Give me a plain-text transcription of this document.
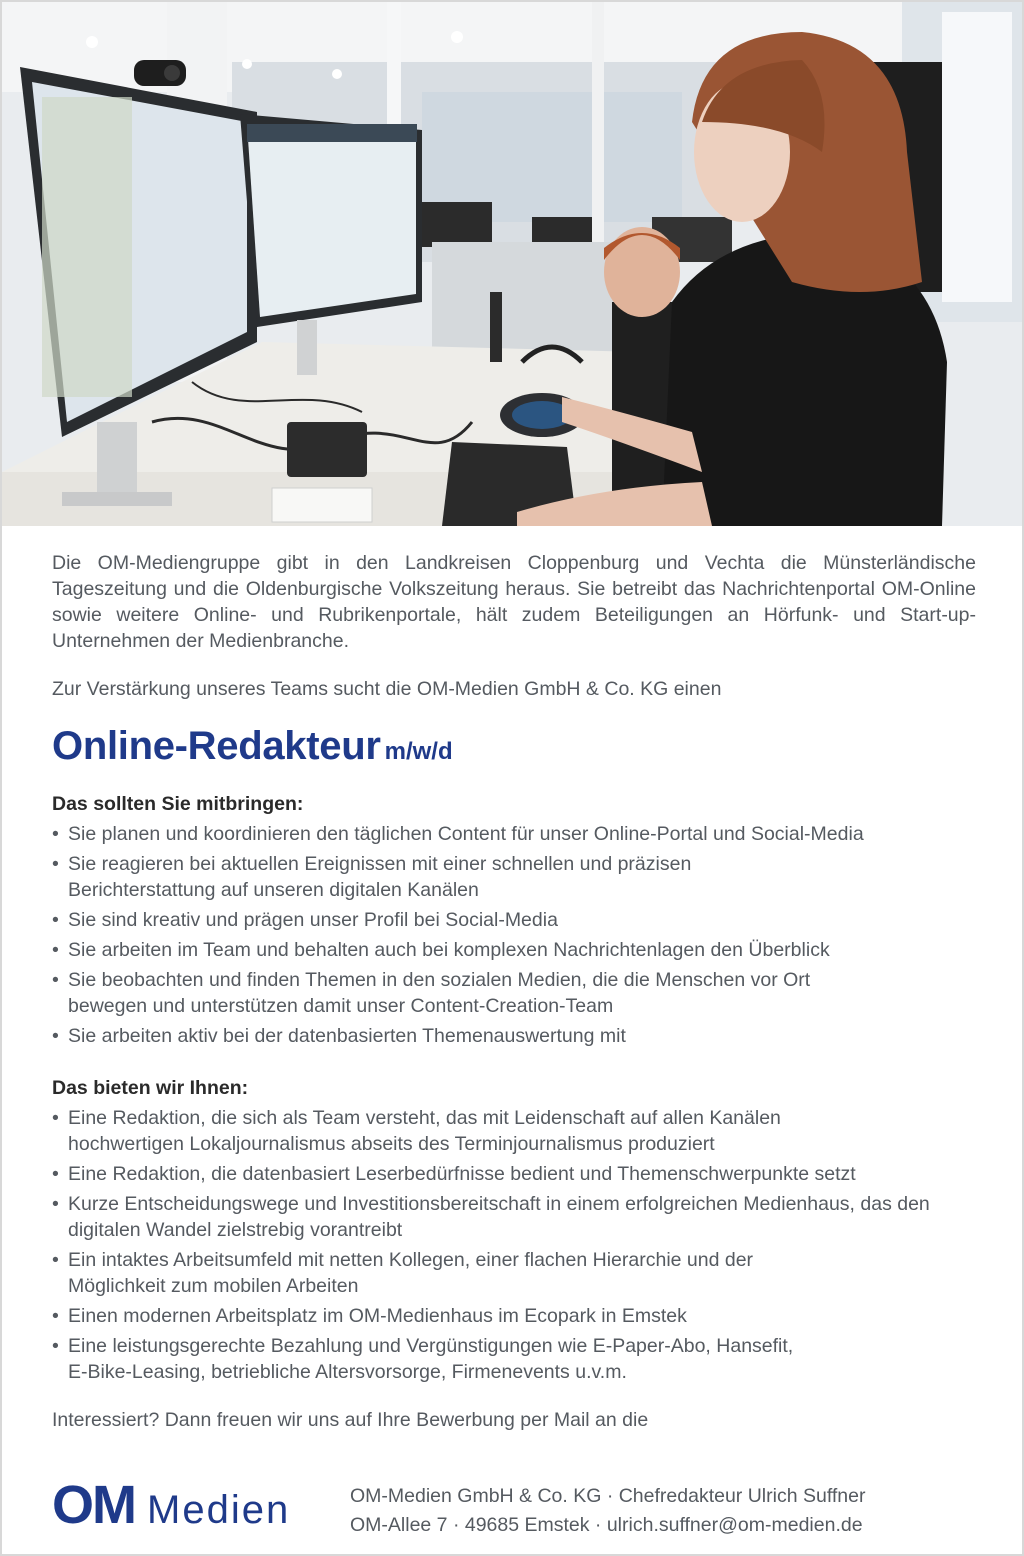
Die OM-Mediengruppe gibt in den Landkreisen Cloppenburg und Vechta die Münsterländische Tageszeitung und die Oldenburgische Volkszeitung heraus. Sie betreibt das Nachrichtenportal OM-Online sowie weitere Online- und Rubrikenportale, hält zudem Beteiligungen an Hörfunk- und Start-up-Unternehmen der Medienbranche.

Zur Verstärkung unseres Teams sucht die OM-Medien GmbH & Co. KG einen

Online-Redakteur m/w/d
Das sollten Sie mitbringen:
• Sie planen und koordinieren den täglichen Content für unser Online-Portal und Social-Media
• Sie reagieren bei aktuellen Ereignissen mit einer schnellen und präzisen Berichterstattung auf unseren digitalen Kanälen
• Sie sind kreativ und prägen unser Profil bei Social-Media
• Sie arbeiten im Team und behalten auch bei komplexen Nachrichtenlagen den Überblick
• Sie beobachten und finden Themen in den sozialen Medien, die die Menschen vor Ort bewegen und unterstützen damit unser Content-Creation-Team
• Sie arbeiten aktiv bei der datenbasierten Themenauswertung mit
Das bieten wir Ihnen:
• Eine Redaktion, die sich als Team versteht, das mit Leidenschaft auf allen Kanälen hochwertigen Lokaljournalismus abseits des Terminjournalismus produziert
• Eine Redaktion, die datenbasiert Leserbedürfnisse bedient und Themenschwerpunkte setzt
• Kurze Entscheidungswege und Investitionsbereitschaft in einem erfolgreichen Medienhaus, das den digitalen Wandel zielstrebig vorantreibt
• Ein intaktes Arbeitsumfeld mit netten Kollegen, einer flachen Hierarchie und der Möglichkeit zum mobilen Arbeiten
• Einen modernen Arbeitsplatz im OM-Medienhaus im Ecopark in Emstek
• Eine leistungsgerechte Bezahlung und Vergünstigungen wie E-Paper-Abo, Hansefit, E-Bike-Leasing, betriebliche Altersvorsorge, Firmenevents u.v.m.

Interessiert? Dann freuen wir uns auf Ihre Bewerbung per Mail an die

OM Medien	OM-Medien GmbH & Co. KG · Chefredakteur Ulrich Suffner
OM-Allee 7 · 49685 Emstek · ulrich.suffner@om-medien.de
